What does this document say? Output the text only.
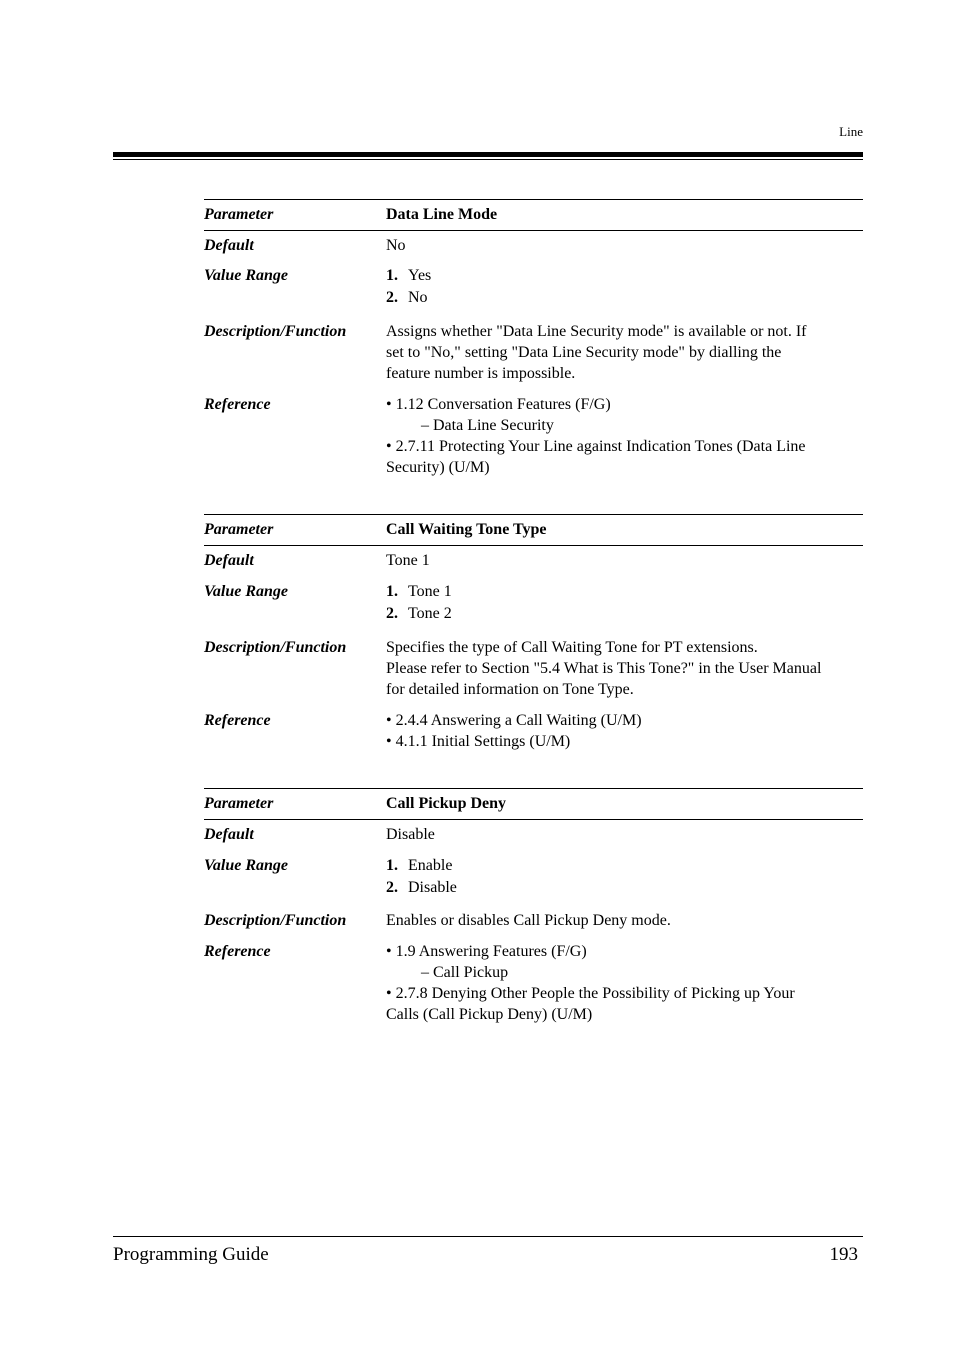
Line
Parameter	Data Line Mode
Default	No
Value Range	1. Yes
2. No
Description/Function	Assigns whether "Data Line Security mode" is available or not. If
set to "No," setting "Data Line Security mode" by dialling the
feature number is impossible.
Reference	• 1.12 Conversation Features (F/G)
– Data Line Security
• 2.7.11 Protecting Your Line against Indication Tones (Data Line
Security) (U/M)
Parameter	Call Waiting Tone Type
Default	Tone 1
Value Range	1. Tone 1
2. Tone 2
Description/Function	Specifies the type of Call Waiting Tone for PT extensions.
Please refer to Section "5.4 What is This Tone?" in the User Manual
for detailed information on Tone Type.
Reference	• 2.4.4 Answering a Call Waiting (U/M)
• 4.1.1 Initial Settings (U/M)
Parameter	Call Pickup Deny
Default	Disable
Value Range	1. Enable
2. Disable
Description/Function	Enables or disables Call Pickup Deny mode.
Reference	• 1.9 Answering Features (F/G)
– Call Pickup
• 2.7.8 Denying Other People the Possibility of Picking up Your
Calls (Call Pickup Deny) (U/M)
Programming Guide	193
